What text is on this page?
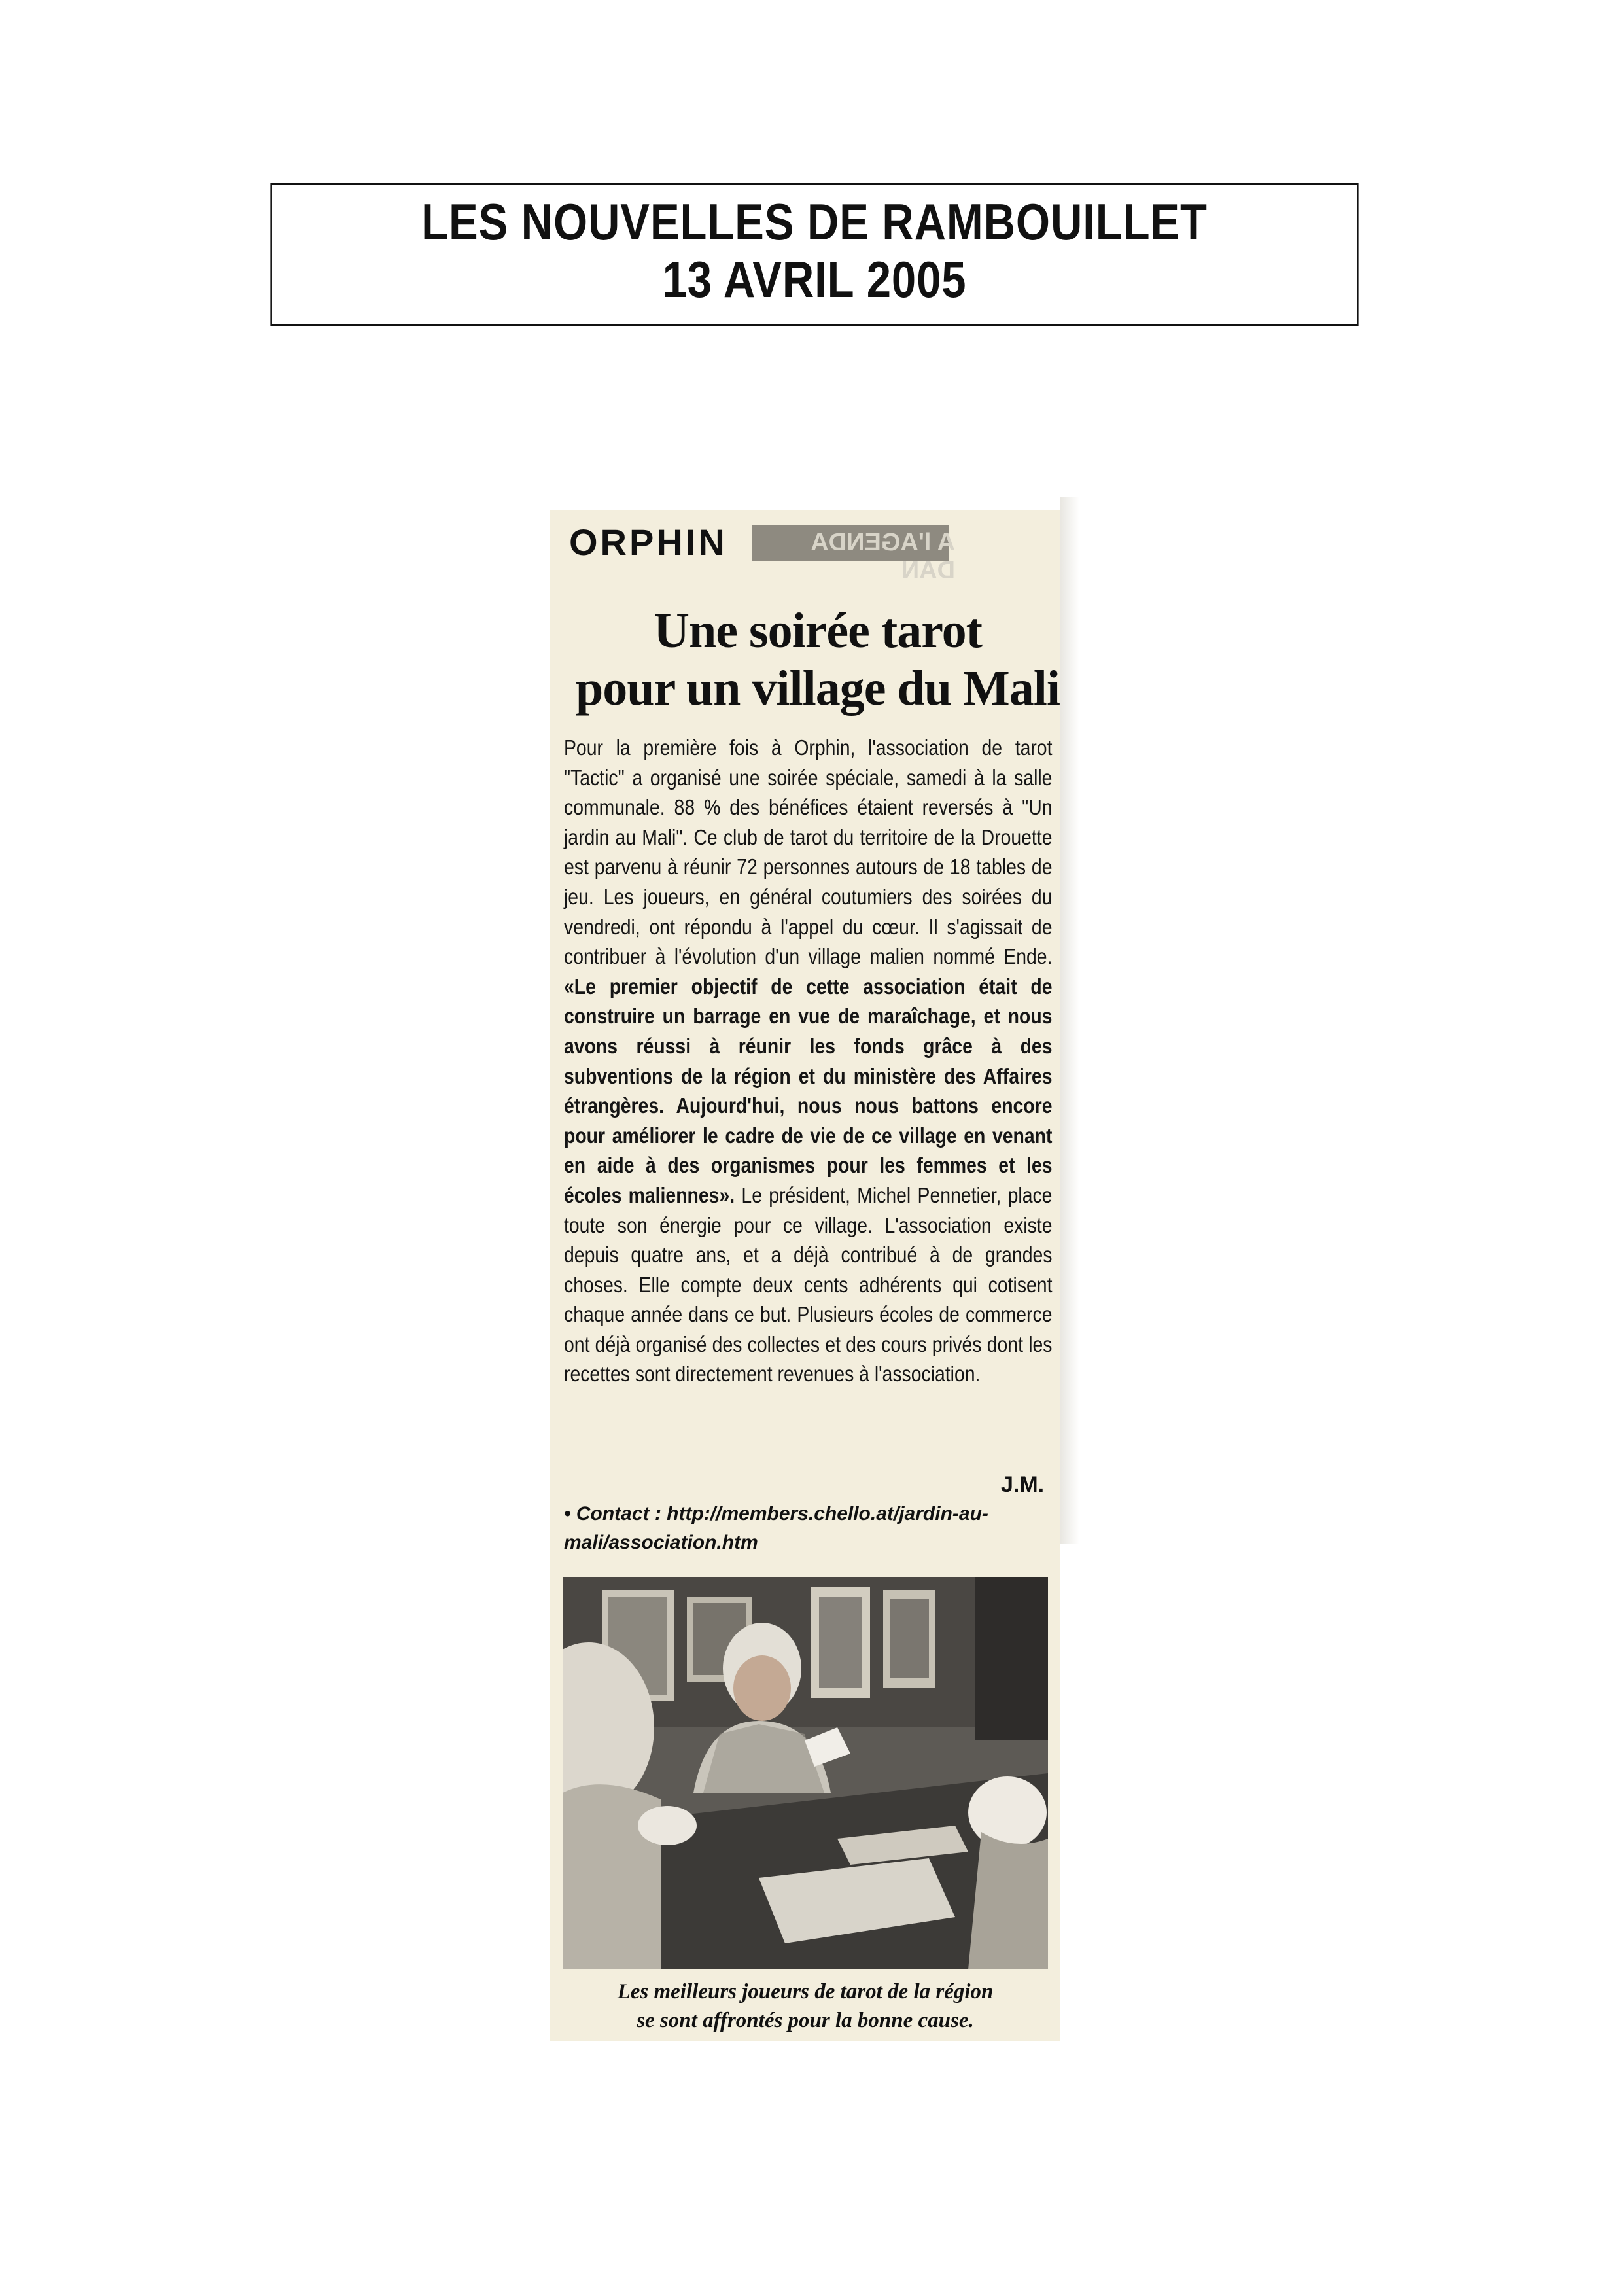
LES NOUVELLES DE RAMBOUILLET
13 AVRIL 2005
A l'AGENDA DAN
ORPHIN
Une soirée tarot
pour un village du Mali
Pour la première fois à Orphin, l'association de tarot "Tactic" a organisé une soirée spéciale, samedi à la salle communale. 88 % des bénéfices étaient reversés à "Un jardin au Mali". Ce club de tarot du territoire de la Drouette est parvenu à réunir 72 personnes autours de 18 tables de jeu. Les joueurs, en général coutumiers des soirées du vendredi, ont répondu à l'appel du cœur. Il s'agissait de contribuer à l'évolution d'un village malien nommé Ende. «Le premier objectif de cette association était de construire un barrage en vue de maraîchage, et nous avons réussi à réunir les fonds grâce à des subventions de la région et du ministère des Affaires étrangères. Aujourd'hui, nous nous battons encore pour améliorer le cadre de vie de ce village en venant en aide à des organismes pour les femmes et les écoles maliennes». Le président, Michel Pennetier, place toute son énergie pour ce village. L'association existe depuis quatre ans, et a déjà contribué à de grandes choses. Elle compte deux cents adhérents qui cotisent chaque année dans ce but. Plusieurs écoles de commerce ont déjà organisé des collectes et des cours privés dont les recettes sont directement revenues à l'association.
J.M.
• Contact : http://members.chello.at/jardin-au-mali/association.htm
Les meilleurs joueurs de tarot de la région
se sont affrontés pour la bonne cause.
